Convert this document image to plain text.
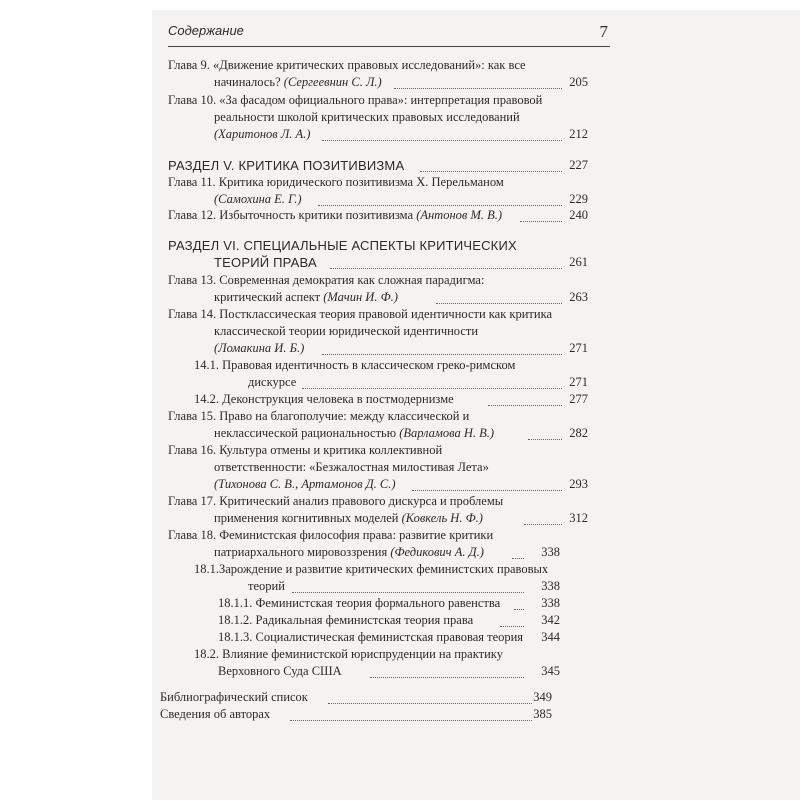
Содержание	7
Глава 9. «Движение критических правовых исследований»: как все
начиналось? (Сергеевнин С. Л.)	205
Глава 10. «За фасадом официального права»: интерпретация правовой
реальности школой критических правовых исследований
(Харитонов Л. А.)	212
РАЗДЕЛ V. КРИТИКА ПОЗИТИВИЗМА	227
Глава 11. Критика юридического позитивизма Х. Перельманом
(Самохина Е. Г.)	229
Глава 12. Избыточность критики позитивизма (Антонов М. В.)	240
РАЗДЕЛ VI. СПЕЦИАЛЬНЫЕ АСПЕКТЫ КРИТИЧЕСКИХ
ТЕОРИЙ ПРАВА	261
Глава 13. Современная демократия как сложная парадигма:
критический аспект (Мачин И. Ф.)	263
Глава 14. Постклассическая теория правовой идентичности как критика
классической теории юридической идентичности
(Ломакина И. Б.)	271
14.1. Правовая идентичность в классическом греко-римском
дискурсе	271
14.2. Деконструкция человека в постмодернизме	277
Глава 15. Право на благополучие: между классической и
неклассической рациональностью (Варламова Н. В.)	282
Глава 16. Культура отмены и критика коллективной
ответственности: «Безжалостная милостивая Лета»
(Тихонова С. В., Артамонов Д. С.)	293
Глава 17. Критический анализ правового дискурса и проблемы
применения когнитивных моделей (Ковкель Н. Ф.)	312
Глава 18. Феминистская философия права: развитие критики
патриархального мировоззрения (Федикович А. Д.)	338
18.1.Зарождение и развитие критических феминистских правовых
теорий	338
18.1.1. Феминистская теория формального равенства	338
18.1.2. Радикальная феминистская теория права	342
18.1.3. Социалистическая феминистская правовая теория	344
18.2. Влияние феминистской юриспруденции на практику
Верховного Суда США	345
Библиографический список	349
Сведения об авторах	385
